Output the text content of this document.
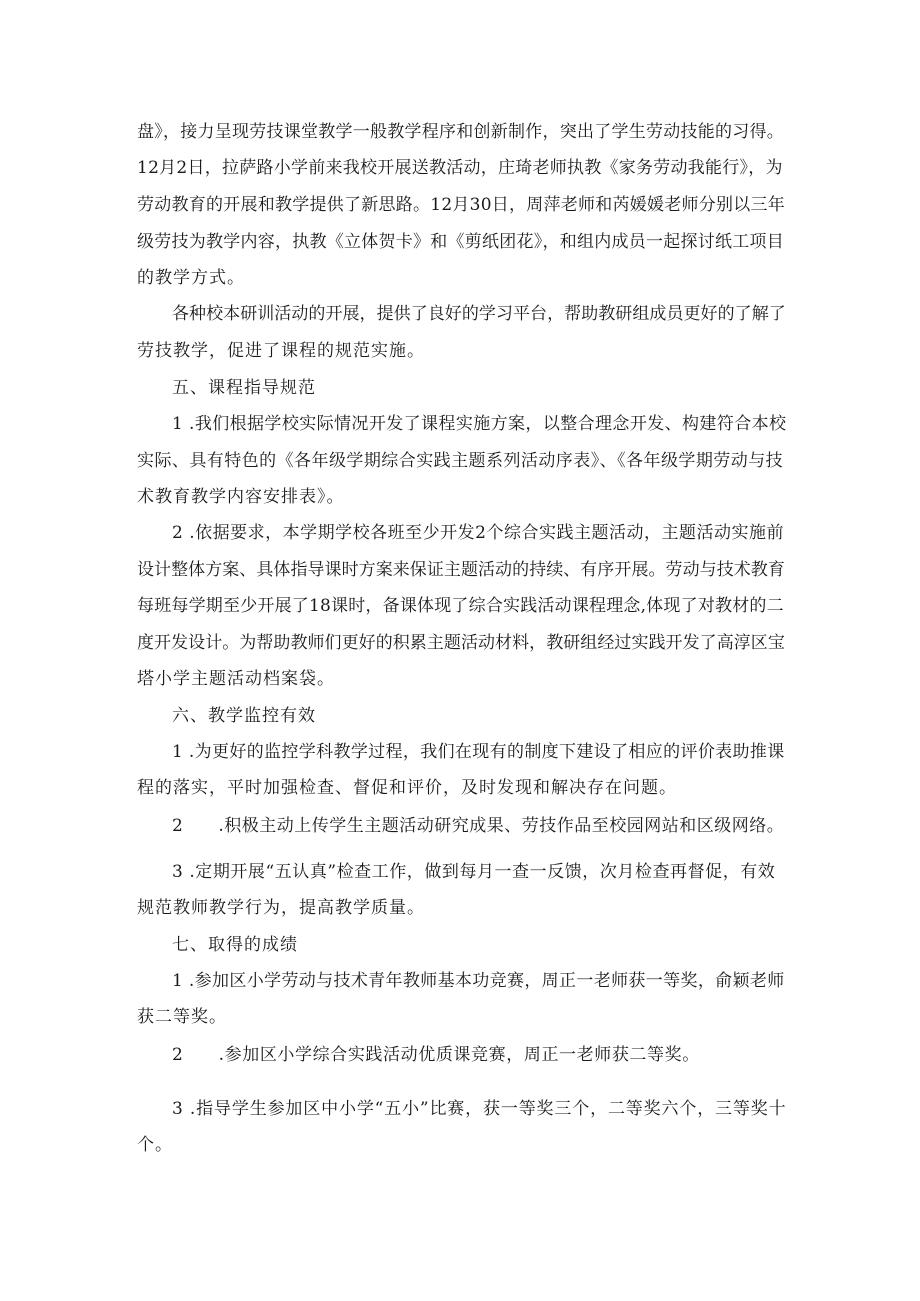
盘》，接力呈现劳技课堂教学一般教学程序和创新制作，突出了学生劳动技能的习得。

12月2日，拉萨路小学前来我校开展送教活动，庄琦老师执教《家务劳动我能行》，为

劳动教育的开展和教学提供了新思路。12月30日，周萍老师和芮媛媛老师分别以三年

级劳技为教学内容，执教《立体贺卡》和《剪纸团花》，和组内成员一起探讨纸工项目

的教学方式。

各种校本研训活动的开展，提供了良好的学习平台，帮助教研组成员更好的了解了

劳技教学，促进了课程的规范实施。

五、课程指导规范

1 .我们根据学校实际情况开发了课程实施方案，以整合理念开发、构建符合本校

实际、具有特色的《各年级学期综合实践主题系列活动序表》、《各年级学期劳动与技

术教育教学内容安排表》。

2 .依据要求，本学期学校各班至少开发2个综合实践主题活动，主题活动实施前

设计整体方案、具体指导课时方案来保证主题活动的持续、有序开展。劳动与技术教育

每班每学期至少开展了18课时，备课体现了综合实践活动课程理念,体现了对教材的二

度开发设计。为帮助教师们更好的积累主题活动材料，教研组经过实践开发了高淳区宝

塔小学主题活动档案袋。

六、教学监控有效

1 .为更好的监控学科教学过程，我们在现有的制度下建设了相应的评价表助推课

程的落实，平时加强检查、督促和评价，及时发现和解决存在问题。

2　　.积极主动上传学生主题活动研究成果、劳技作品至校园网站和区级网络。

3 .定期开展“五认真”检查工作，做到每月一查一反馈，次月检查再督促，有效

规范教师教学行为，提高教学质量。

七、取得的成绩

1 .参加区小学劳动与技术青年教师基本功竞赛，周正一老师获一等奖，俞颖老师

获二等奖。

2　　.参加区小学综合实践活动优质课竞赛，周正一老师获二等奖。

3 .指导学生参加区中小学“五小”比赛，获一等奖三个，二等奖六个，三等奖十

个。
